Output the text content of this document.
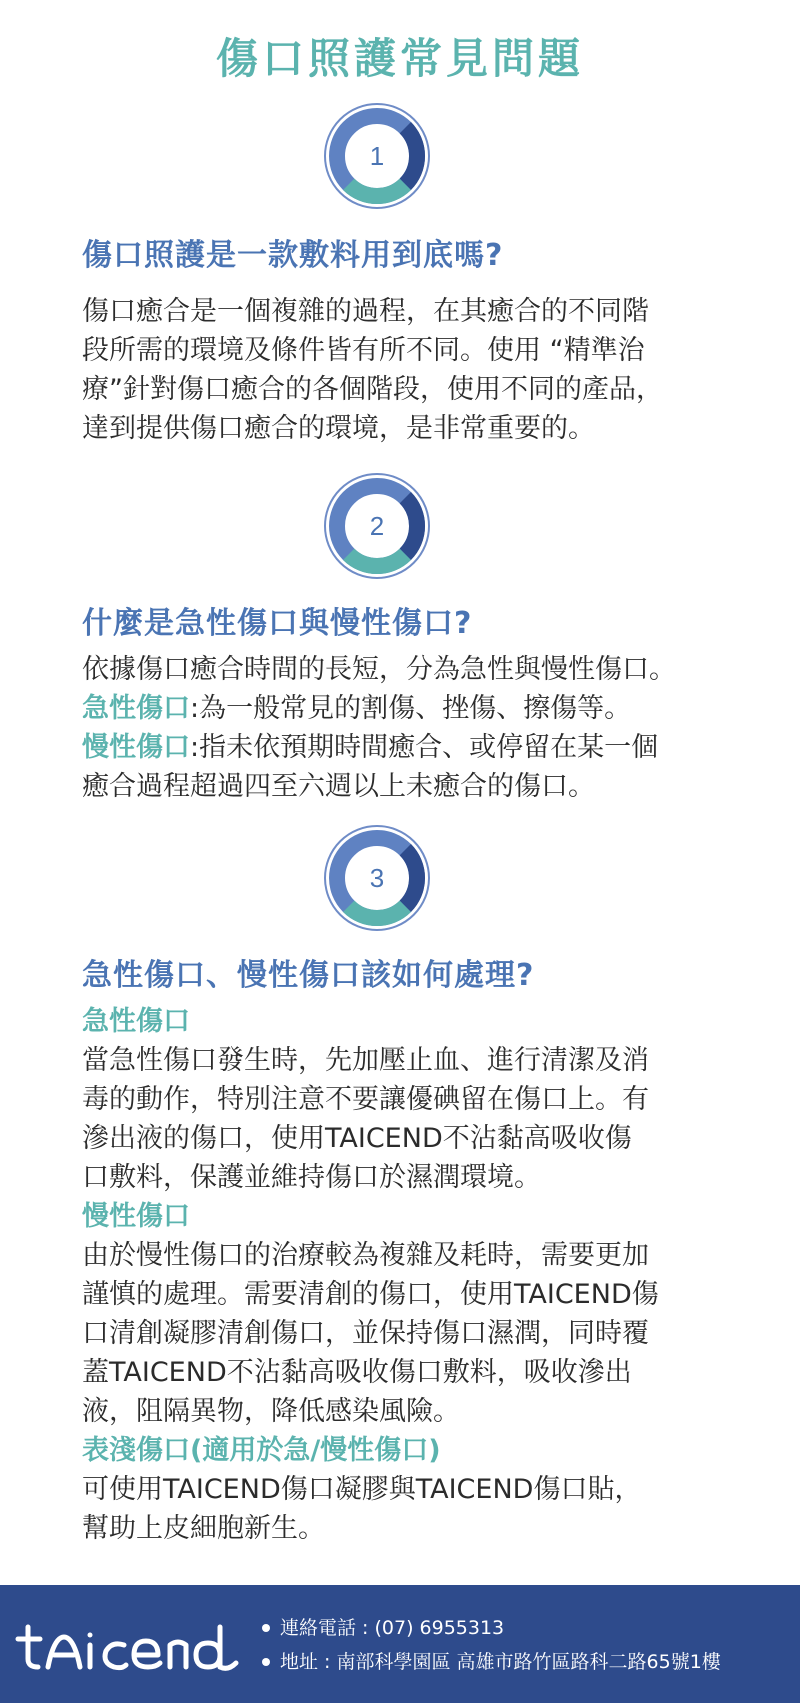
傷口照護常見問題
1
傷口照護是一款敷料用到底嗎?
傷口癒合是一個複雜的過程，在其癒合的不同階
段所需的環境及條件皆有所不同。使用 “精準治
療”針對傷口癒合的各個階段，使用不同的產品，
達到提供傷口癒合的環境，是非常重要的。
2
什麼是急性傷口與慢性傷口?
依據傷口癒合時間的長短，分為急性與慢性傷口。
急性傷口:為一般常見的割傷、挫傷、擦傷等。
慢性傷口:指未依預期時間癒合、或停留在某一個
癒合過程超過四至六週以上未癒合的傷口。
3
急性傷口、慢性傷口該如何處理?
急性傷口
當急性傷口發生時，先加壓止血、進行清潔及消
毒的動作，特別注意不要讓優碘留在傷口上。有
滲出液的傷口，使用TAICEND不沾黏高吸收傷
口敷料，保護並維持傷口於濕潤環境。
慢性傷口
由於慢性傷口的治療較為複雜及耗時，需要更加
謹慎的處理。需要清創的傷口，使用TAICEND傷
口清創凝膠清創傷口，並保持傷口濕潤，同時覆
蓋TAICEND不沾黏高吸收傷口敷料，吸收滲出
液，阻隔異物，降低感染風險。
表淺傷口(適用於急/慢性傷口)
可使用TAICEND傷口凝膠與TAICEND傷口貼，
幫助上皮細胞新生。
連絡電話 : (07) 6955313
地址 : 南部科學園區 高雄市路竹區路科二路65號1樓
